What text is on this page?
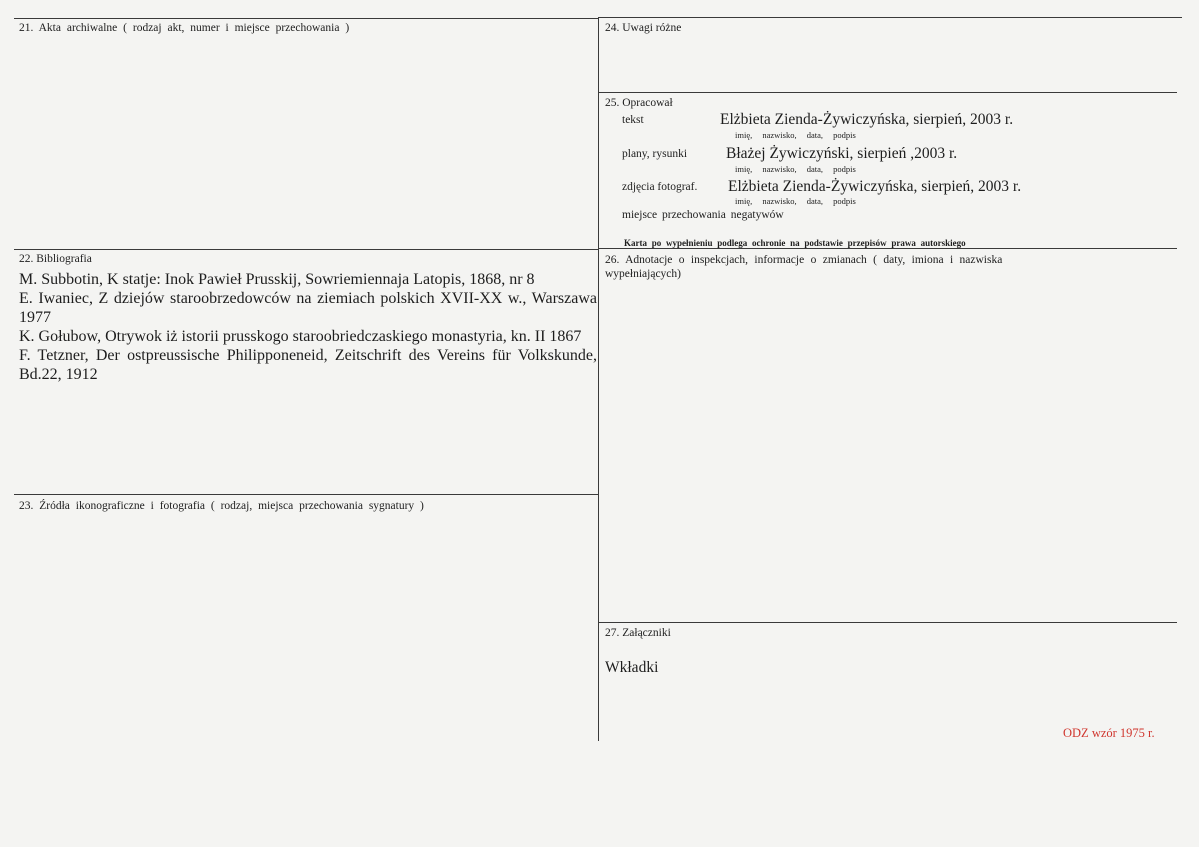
21. Akta archiwalne ( rodzaj akt, numer i miejsce przechowania )
22. Bibliografia
M. Subbotin, K statje: Inok Pawieł Prusskij, Sowriemiennaja Latopis, 1868, nr 8
E. Iwaniec, Z dziejów staroobrzedowców na ziemiach polskich XVII-XX w., Warszawa 1977
K. Gołubow, Otrywok iż istorii prusskogo staroobriedczaskiego monastyria, kn. II 1867
F. Tetzner, Der ostpreussische Philipponeneid, Zeitschrift des Vereins für Volkskunde, Bd.22, 1912
23. Źródła ikonograficzne i fotografia ( rodzaj, miejsca przechowania sygnatury )
24. Uwagi różne
25. Opracował
tekst	Elżbieta Zienda-Żywiczyńska, sierpień, 2003 r.
imię, nazwisko, data, podpis
plany, rysunki	Błażej Żywiczyński, sierpień ,2003 r.
imię, nazwisko, data, podpis
zdjęcia fotograf. Elżbieta Zienda-Żywiczyńska, sierpień, 2003 r.
imię, nazwisko, data, podpis
miejsce przechowania negatywów
Karta po wypełnieniu podlega ochronie na podstawie przepisów prawa autorskiego
26. Adnotacje o inspekcjach, informacje o zmianach ( daty, imiona i nazwiska
wypełniających)
27. Załączniki
Wkładki
ODZ wzór 1975 r.
